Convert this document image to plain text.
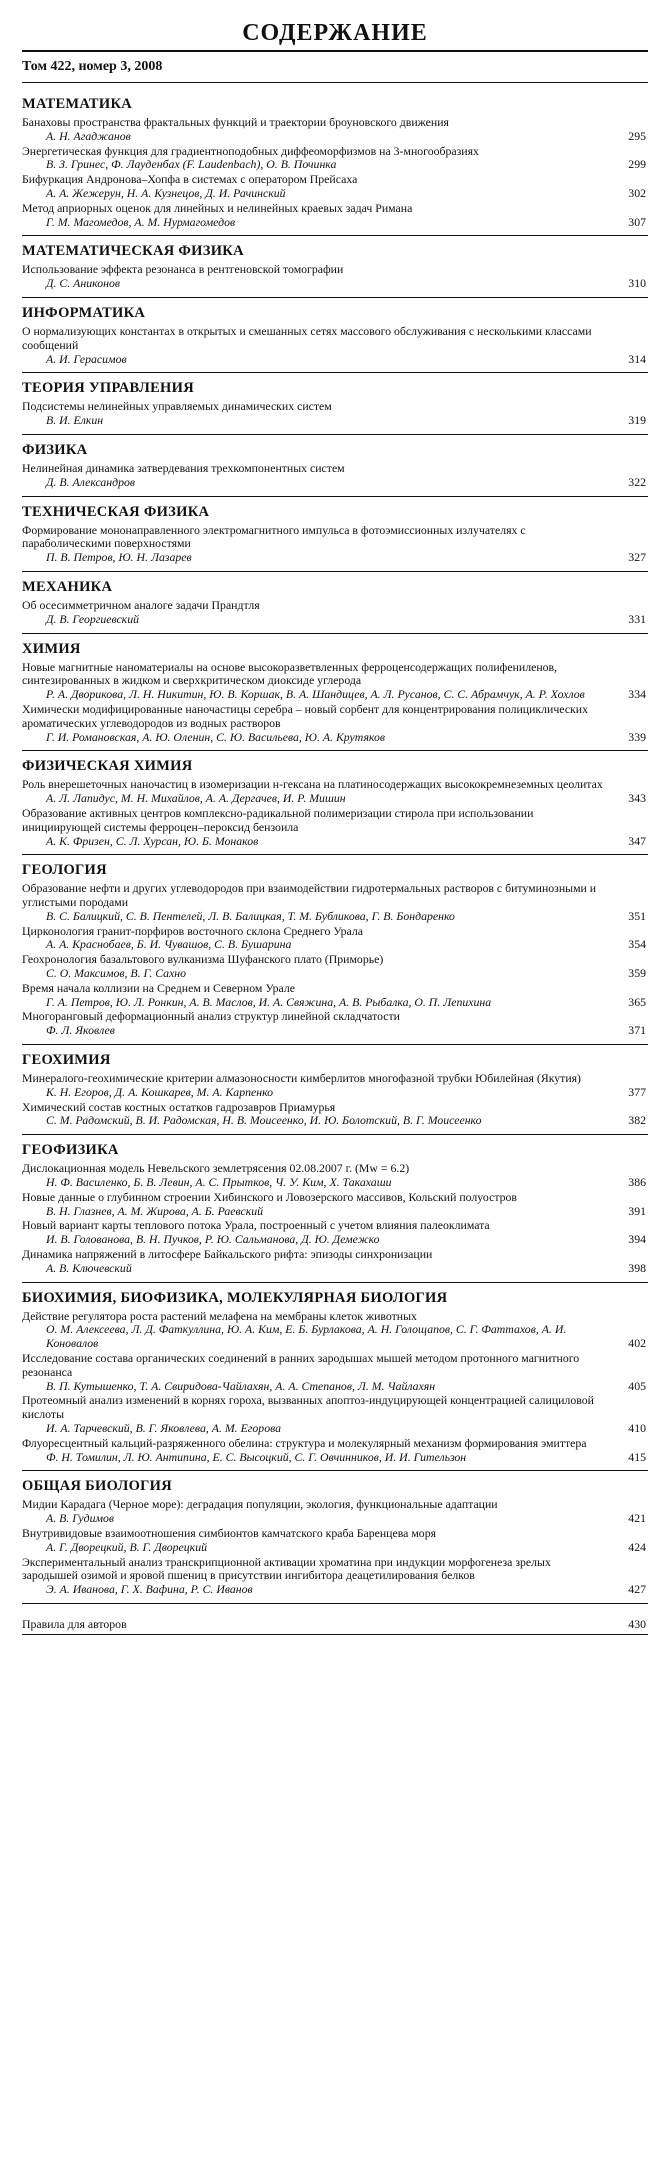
СОДЕРЖАНИЕ
Том 422, номер 3, 2008
МАТЕМАТИКА
Банаховы пространства фрактальных функций и траектории броуновского движения
А. Н. Агаджанов	295
Энергетическая функция для градиентноподобных диффеоморфизмов на 3-многообразиях
В. З. Гринес, Ф. Лауденбах (F. Laudenbach), О. В. Починка	299
Бифуркация Андронова–Хопфа в системах с оператором Прейсаха
А. А. Жежерун, Н. А. Кузнецов, Д. И. Рачинский	302
Метод априорных оценок для линейных и нелинейных краевых задач Римана
Г. М. Магомедов, А. М. Нурмагомедов	307
МАТЕМАТИЧЕСКАЯ ФИЗИКА
Использование эффекта резонанса в рентгеновской томографии
Д. С. Аниконов	310
ИНФОРМАТИКА
О нормализующих константах в открытых и смешанных сетях массового обслуживания с несколькими классами сообщений
А. И. Герасимов	314
ТЕОРИЯ УПРАВЛЕНИЯ
Подсистемы нелинейных управляемых динамических систем
В. И. Елкин	319
ФИЗИКА
Нелинейная динамика затвердевания трехкомпонентных систем
Д. В. Александров	322
ТЕХНИЧЕСКАЯ ФИЗИКА
Формирование мононаправленного электромагнитного импульса в фотоэмиссионных излучателях с параболическими поверхностями
П. В. Петров, Ю. Н. Лазарев	327
МЕХАНИКА
Об осесимметричном аналоге задачи Прандтля
Д. В. Георгиевский	331
ХИМИЯ
Новые магнитные наноматериалы на основе высокоразветвленных ферроценсодержащих полифениленов, синтезированных в жидком и сверхкритическом диоксиде углерода
Р. А. Дворикова, Л. Н. Никитин, Ю. В. Коршак, В. А. Шандицев, А. Л. Русанов, С. С. Абрамчук, А. Р. Хохлов	334
Химически модифицированные наночастицы серебра – новый сорбент для концентрирования полициклических ароматических углеводородов из водных растворов
Г. И. Романовская, А. Ю. Оленин, С. Ю. Васильева, Ю. А. Крутяков	339
ФИЗИЧЕСКАЯ ХИМИЯ
Роль внерешеточных наночастиц в изомеризации н-гексана на платиносодержащих высококремнеземных цеолитах
А. Л. Лапидус, М. Н. Михайлов, А. А. Дергачев, И. Р. Мишин	343
Образование активных центров комплексно-радикальной полимеризации стирола при использовании инициирующей системы ферроцен–пероксид бензоила
А. К. Фризен, С. Л. Хурсан, Ю. Б. Монаков	347
ГЕОЛОГИЯ
Образование нефти и других углеводородов при взаимодействии гидротермальных растворов с битуминозными и углистыми породами
В. С. Балицкий, С. В. Пентелей, Л. В. Балицкая, Т. М. Бубликова, Г. В. Бондаренко	351
Цирконология гранит-порфиров восточного склона Среднего Урала
А. А. Краснобаев, Б. И. Чувашов, С. В. Бушарина	354
Геохронология базальтового вулканизма Шуфанского плато (Приморье)
С. О. Максимов, В. Г. Сахно	359
Время начала коллизии на Среднем и Северном Урале
Г. А. Петров, Ю. Л. Ронкин, А. В. Маслов, И. А. Свяжина, А. В. Рыбалка, О. П. Лепихина	365
Многоранговый деформационный анализ структур линейной складчатости
Ф. Л. Яковлев	371
ГЕОХИМИЯ
Минералого-геохимические критерии алмазоносности кимберлитов многофазной трубки Юбилейная (Якутия)
К. Н. Егоров, Д. А. Кошкарев, М. А. Карпенко	377
Химический состав костных остатков гадрозавров Приамурья
С. М. Радомский, В. И. Радомская, Н. В. Моисеенко, И. Ю. Болотский, В. Г. Моисеенко	382
ГЕОФИЗИКА
Дислокационная модель Невельского землетрясения 02.08.2007 г. (Mw = 6.2)
Н. Ф. Василенко, Б. В. Левин, А. С. Прытков, Ч. У. Ким, Х. Такахаши	386
Новые данные о глубинном строении Хибинского и Ловозерского массивов, Кольский полуостров
В. Н. Глазнев, А. М. Жирова, А. Б. Раевский	391
Новый вариант карты теплового потока Урала, построенный с учетом влияния палеоклимата
И. В. Голованова, В. Н. Пучков, Р. Ю. Сальманова, Д. Ю. Демежко	394
Динамика напряжений в литосфере Байкальского рифта: эпизоды синхронизации
А. В. Ключевский	398
БИОХИМИЯ, БИОФИЗИКА, МОЛЕКУЛЯРНАЯ БИОЛОГИЯ
Действие регулятора роста растений мелафена на мембраны клеток животных
О. М. Алексеева, Л. Д. Фаткуллина, Ю. А. Ким, Е. Б. Бурлакова, А. Н. Голощапов, С. Г. Фаттахов, А. И. Коновалов	402
Исследование состава органических соединений в ранних зародышах мышей методом протонного магнитного резонанса
В. П. Кутышенко, Т. А. Свиридова-Чайлахян, А. А. Степанов, Л. М. Чайлахян	405
Протеомный анализ изменений в корнях гороха, вызванных апоптоз-индуцирующей концентрацией салициловой кислоты
И. А. Тарчевский, В. Г. Яковлева, А. М. Егорова	410
Флуоресцентный кальций-разряженного обелина: структура и молекулярный механизм формирования эмиттера
Ф. Н. Томилин, Л. Ю. Антипина, Е. С. Высоцкий, С. Г. Овчинников, И. И. Гительзон	415
ОБЩАЯ БИОЛОГИЯ
Мидии Карадага (Черное море): деградация популяции, экология, функциональные адаптации
А. В. Гудимов	421
Внутривидовые взаимоотношения симбионтов камчатского краба Баренцева моря
А. Г. Дворецкий, В. Г. Дворецкий	424
Экспериментальный анализ транскрипционной активации хроматина при индукции морфогенеза зрелых зародышей озимой и яровой пшениц в присутствии ингибитора деацетилирования белков
Э. А. Иванова, Г. Х. Вафина, Р. С. Иванов	427
Правила для авторов	430
